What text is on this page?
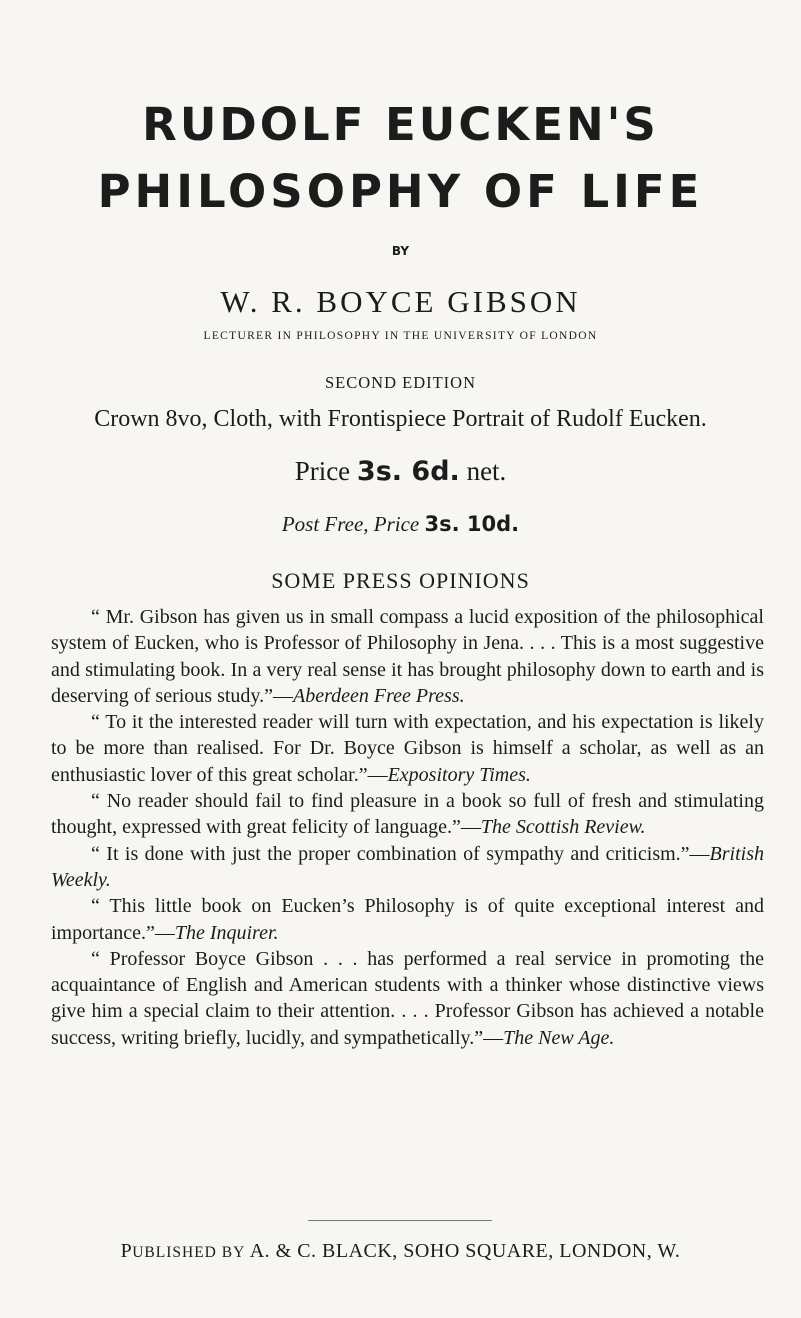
RUDOLF EUCKEN'S
PHILOSOPHY OF LIFE
BY
W. R. BOYCE GIBSON
LECTURER IN PHILOSOPHY IN THE UNIVERSITY OF LONDON
SECOND EDITION
Crown 8vo, Cloth, with Frontispiece Portrait of Rudolf Eucken.
Price 3s. 6d. net.
Post Free, Price 3s. 10d.
SOME PRESS OPINIONS

“ Mr. Gibson has given us in small compass a lucid exposition of the philosophical system of Eucken, who is Professor of Philosophy in Jena. . . . This is a most suggestive and stimulating book. In a very real sense it has brought philosophy down to earth and is deserving of serious study.”—Aberdeen Free Press.

“ To it the interested reader will turn with expectation, and his expectation is likely to be more than realised. For Dr. Boyce Gibson is himself a scholar, as well as an enthusiastic lover of this great scholar.”—Expository Times.

“ No reader should fail to find pleasure in a book so full of fresh and stimulating thought, expressed with great felicity of language.”—The Scottish Review.

“ It is done with just the proper combination of sympathy and criticism.”—British Weekly.

“ This little book on Eucken’s Philosophy is of quite exceptional interest and importance.”—The Inquirer.

“ Professor Boyce Gibson . . . has performed a real service in promoting the acquaintance of English and American students with a thinker whose distinctive views give him a special claim to their attention. . . . Professor Gibson has achieved a notable success, writing briefly, lucidly, and sympathetically.”—The New Age.

PUBLISHED BY A. & C. BLACK, SOHO SQUARE, LONDON, W.
